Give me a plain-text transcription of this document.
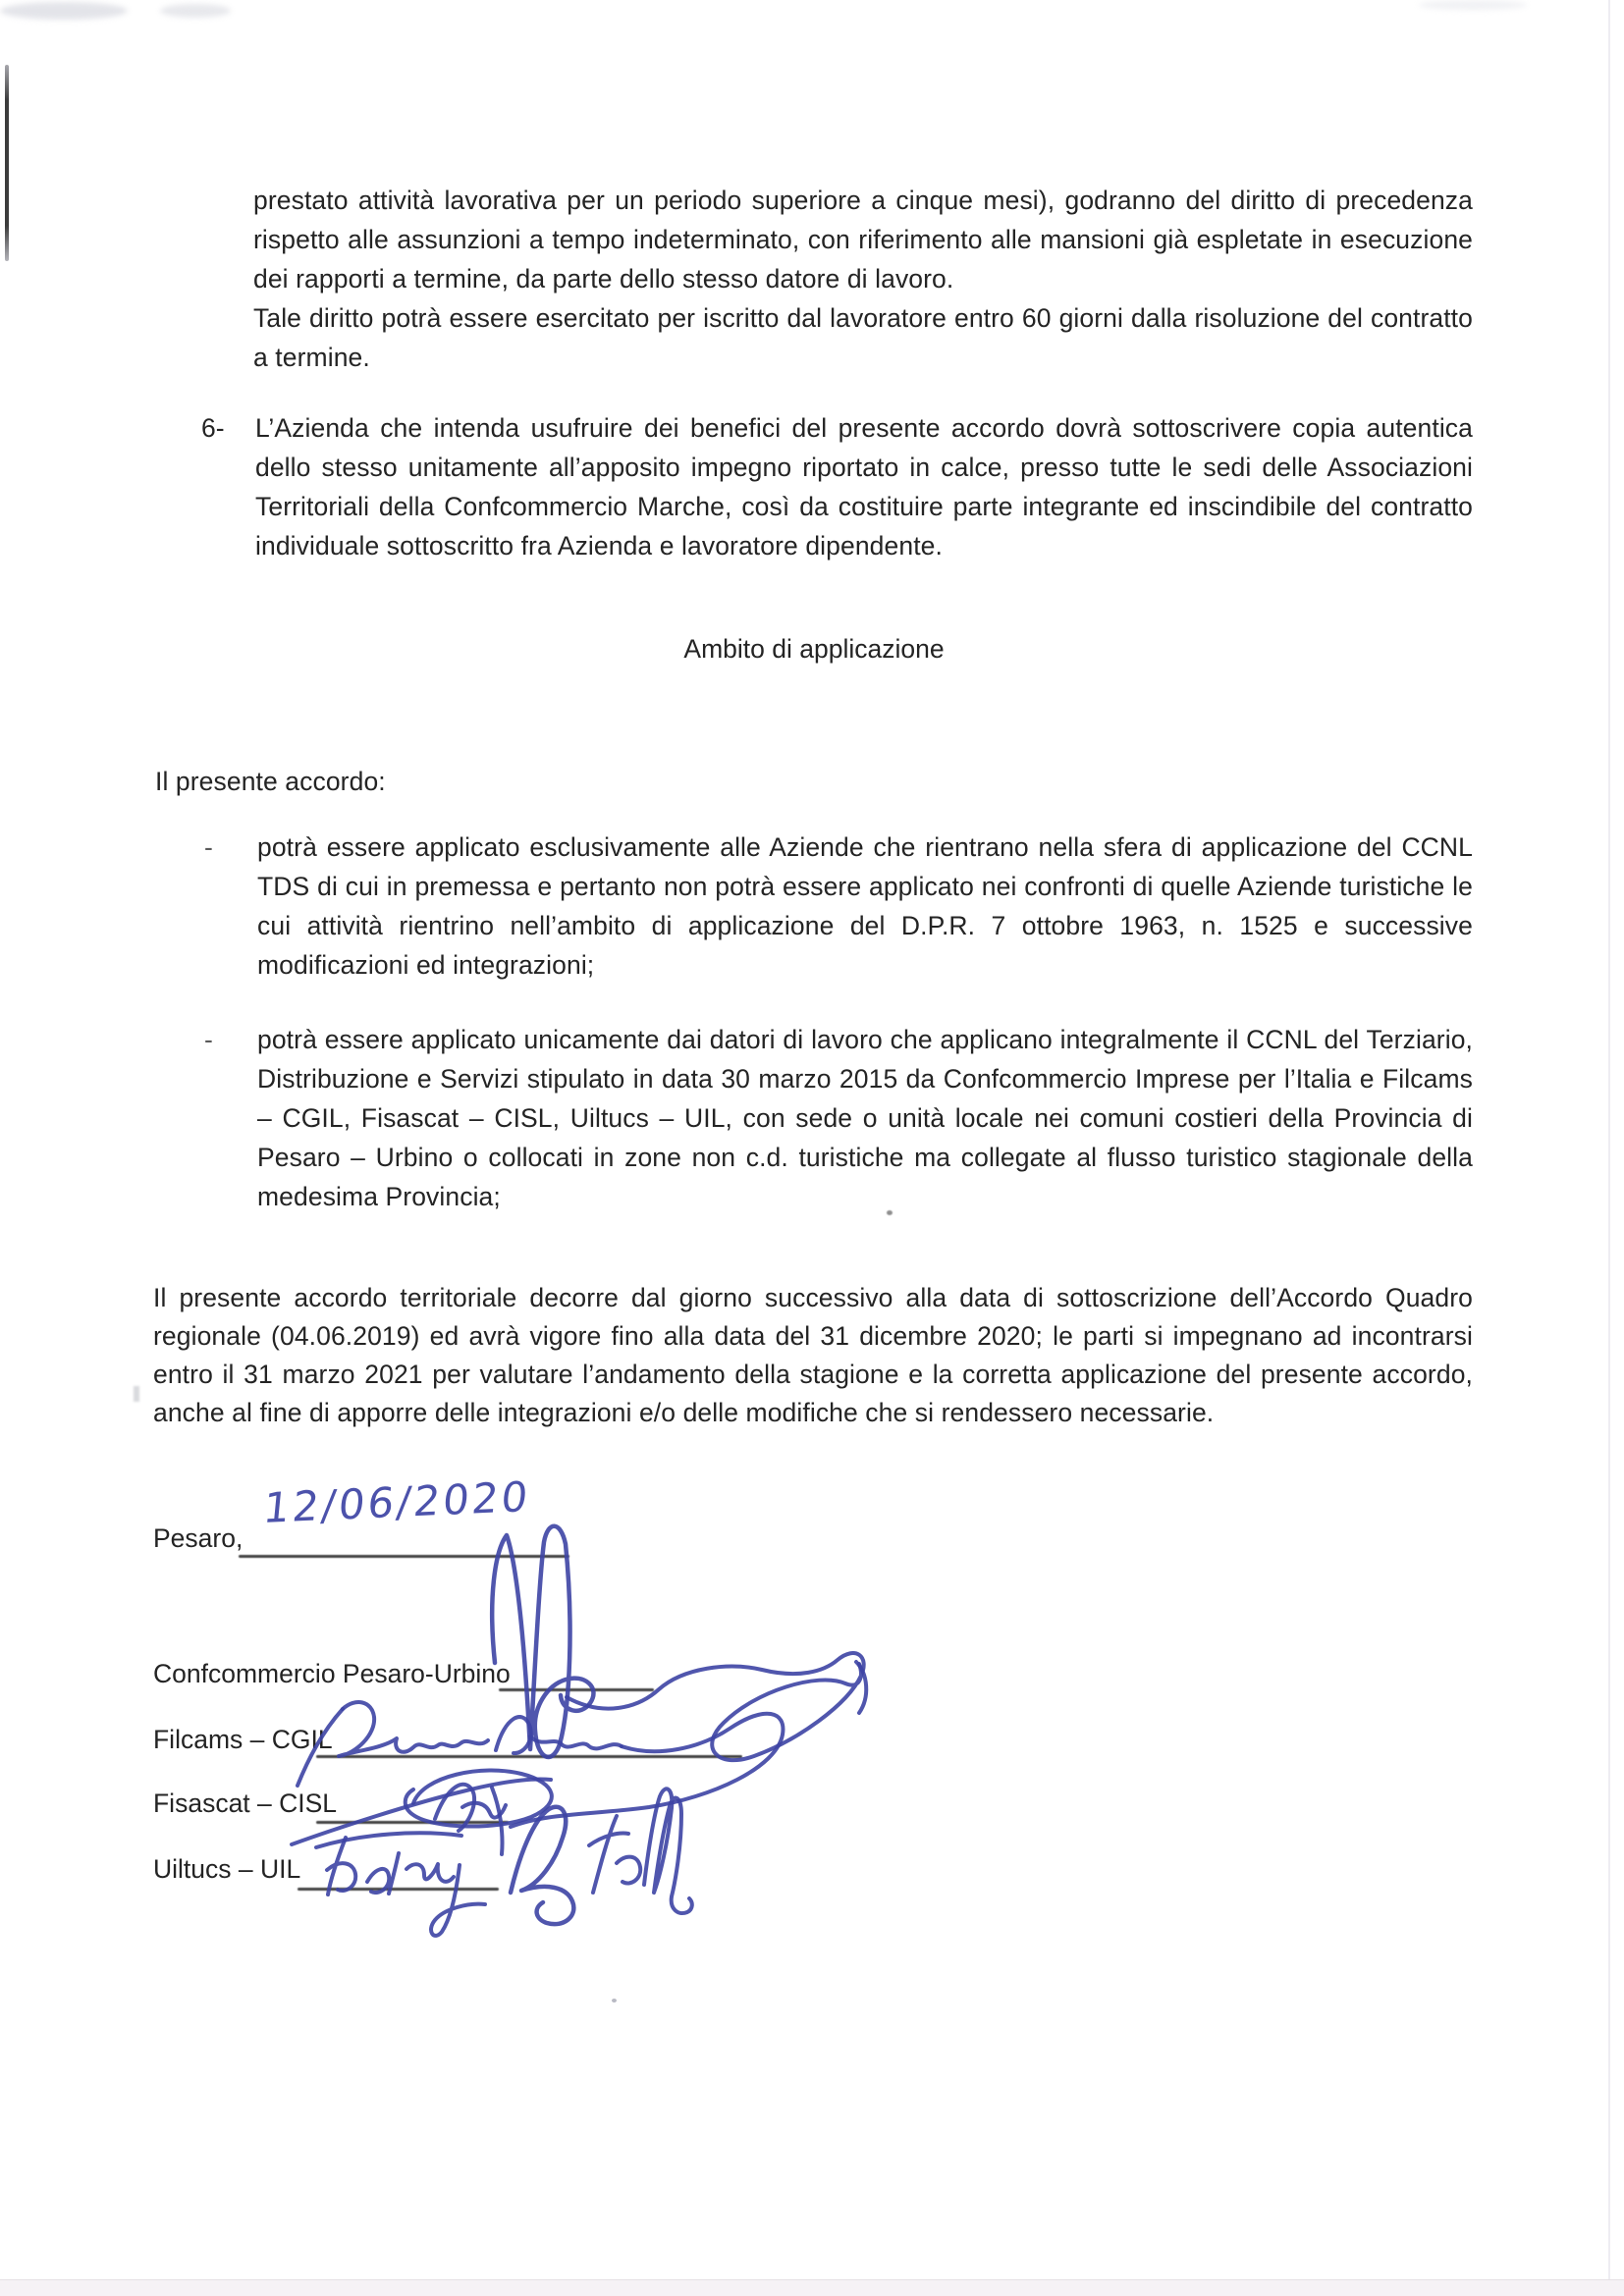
prestato attività lavorativa per un periodo superiore a cinque mesi), godranno del diritto di precedenza rispetto alle assunzioni a tempo indeterminato, con riferimento alle mansioni già espletate in esecuzione dei rapporti a termine, da parte dello stesso datore di lavoro.

Tale diritto potrà essere esercitato per iscritto dal lavoratore entro 60 giorni dalla risoluzione del contratto a termine.

6- L’Azienda che intenda usufruire dei benefici del presente accordo dovrà sottoscrivere copia autentica dello stesso unitamente all’apposito impegno riportato in calce, presso tutte le sedi delle Associazioni Territoriali della Confcommercio Marche, così da costituire parte integrante ed inscindibile del contratto individuale sottoscritto fra Azienda e lavoratore dipendente.
Ambito di applicazione
Il presente accordo:
- potrà essere applicato esclusivamente alle Aziende che rientrano nella sfera di applicazione del CCNL TDS di cui in premessa e pertanto non potrà essere applicato nei confronti di quelle Aziende turistiche le cui attività rientrino nell’ambito di applicazione del D.P.R. 7 ottobre 1963, n. 1525 e successive modificazioni ed integrazioni;
- potrà essere applicato unicamente dai datori di lavoro che applicano integralmente il CCNL del Terziario, Distribuzione e Servizi stipulato in data 30 marzo 2015 da Confcommercio Imprese per l’Italia e Filcams – CGIL, Fisascat – CISL, Uiltucs – UIL, con sede o unità locale nei comuni costieri della Provincia di Pesaro – Urbino o collocati in zone non c.d. turistiche ma collegate al flusso turistico stagionale della medesima Provincia;
Il presente accordo territoriale decorre dal giorno successivo alla data di sottoscrizione dell’Accordo Quadro regionale (04.06.2019) ed avrà vigore fino alla data del 31 dicembre 2020; le parti si impegnano ad incontrarsi entro il 31 marzo 2021 per valutare l’andamento della stagione e la corretta applicazione del presente accordo, anche al fine di apporre delle integrazioni e/o delle modifiche che si rendessero necessarie.
Pesaro,
12/06/2020
Confcommercio Pesaro-Urbino
Filcams – CGIL
Fisascat – CISL
Uiltucs – UIL
